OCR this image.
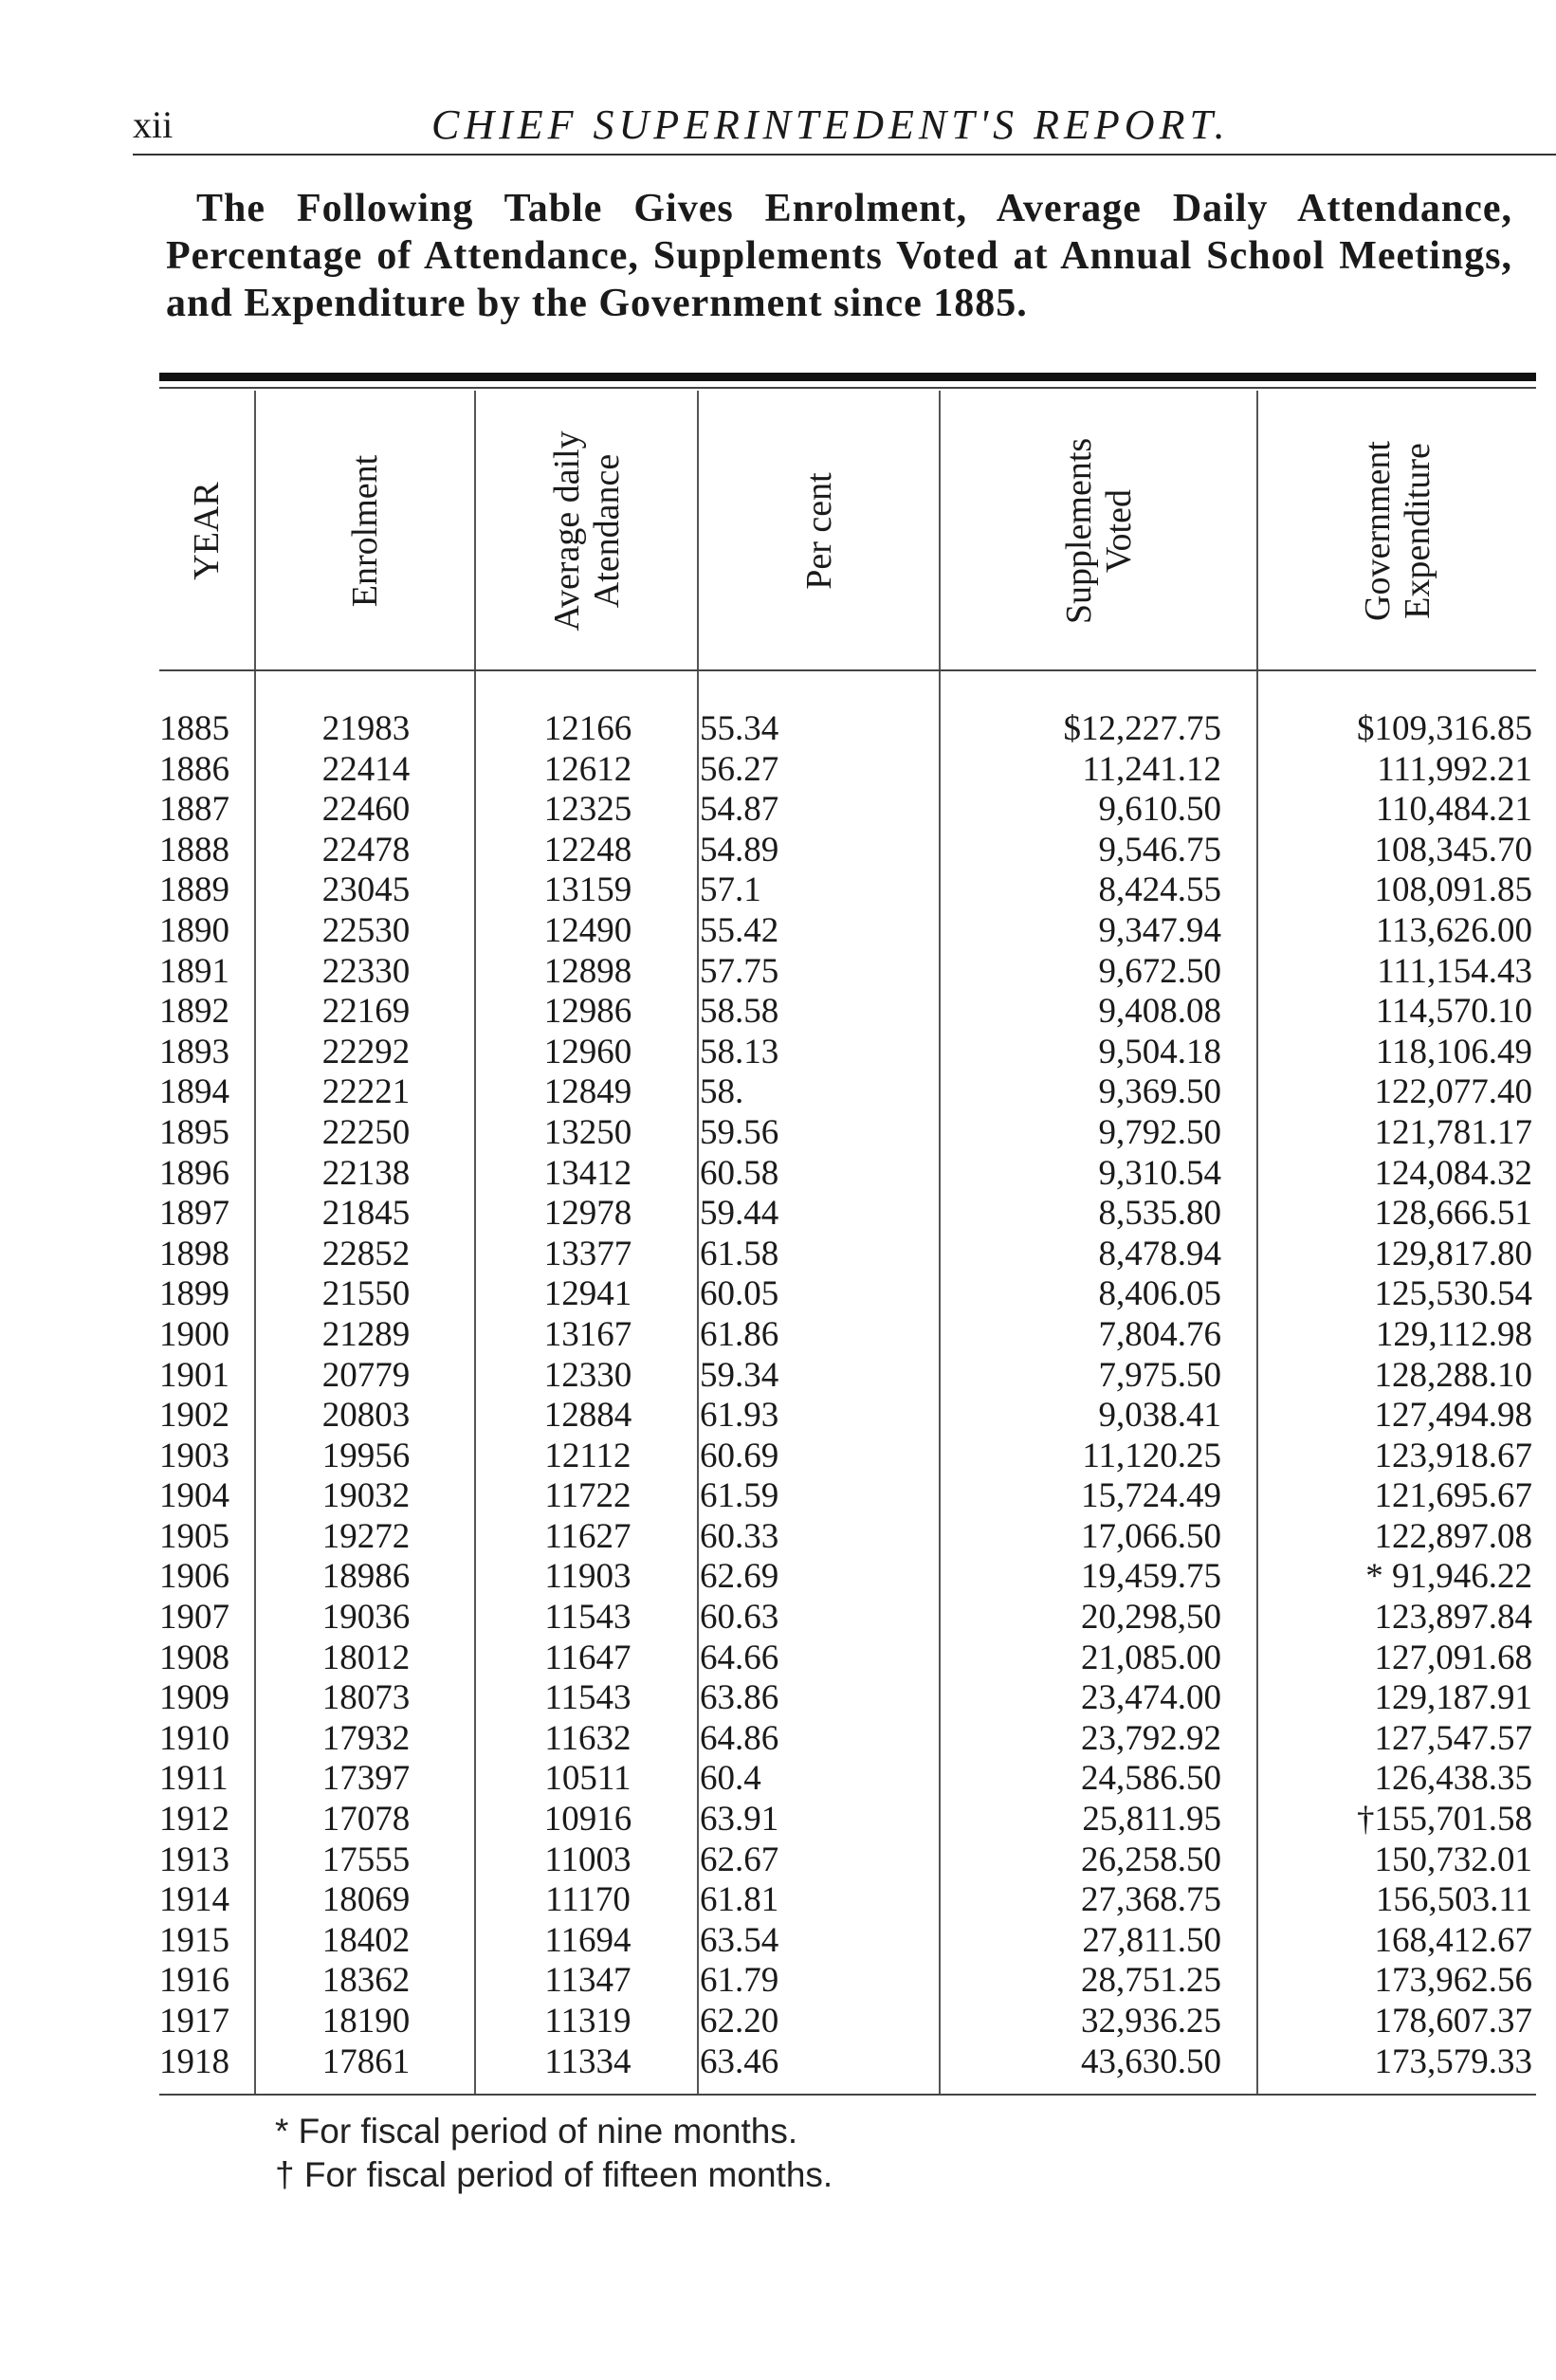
xii	CHIEF SUPERINTEDENT'S REPORT.
The Following Table Gives Enrolment, Average Daily Attendance, Percentage of Attendance, Supplements Voted at Annual School Meetings, and Expenditure by the Government since 1885.
YEAR	Enrolment	Average daily Atendance	Per cent	Supplements Voted	Government Expenditure
1885	21983	12166	55.34	$12,227.75	$109,316.85
1886	22414	12612	56.27	11,241.12	111,992.21
1887	22460	12325	54.87	9,610.50	110,484.21
1888	22478	12248	54.89	9,546.75	108,345.70
1889	23045	13159	57.1	8,424.55	108,091.85
1890	22530	12490	55.42	9,347.94	113,626.00
1891	22330	12898	57.75	9,672.50	111,154.43
1892	22169	12986	58.58	9,408.08	114,570.10
1893	22292	12960	58.13	9,504.18	118,106.49
1894	22221	12849	58.	9,369.50	122,077.40
1895	22250	13250	59.56	9,792.50	121,781.17
1896	22138	13412	60.58	9,310.54	124,084.32
1897	21845	12978	59.44	8,535.80	128,666.51
1898	22852	13377	61.58	8,478.94	129,817.80
1899	21550	12941	60.05	8,406.05	125,530.54
1900	21289	13167	61.86	7,804.76	129,112.98
1901	20779	12330	59.34	7,975.50	128,288.10
1902	20803	12884	61.93	9,038.41	127,494.98
1903	19956	12112	60.69	11,120.25	123,918.67
1904	19032	11722	61.59	15,724.49	121,695.67
1905	19272	11627	60.33	17,066.50	122,897.08
1906	18986	11903	62.69	19,459.75	* 91,946.22
1907	19036	11543	60.63	20,298,50	123,897.84
1908	18012	11647	64.66	21,085.00	127,091.68
1909	18073	11543	63.86	23,474.00	129,187.91
1910	17932	11632	64.86	23,792.92	127,547.57
1911	17397	10511	60.4	24,586.50	126,438.35
1912	17078	10916	63.91	25,811.95	†155,701.58
1913	17555	11003	62.67	26,258.50	150,732.01
1914	18069	11170	61.81	27,368.75	156,503.11
1915	18402	11694	63.54	27,811.50	168,412.67
1916	18362	11347	61.79	28,751.25	173,962.56
1917	18190	11319	62.20	32,936.25	178,607.37
1918	17861	11334	63.46	43,630.50	173,579.33
* For fiscal period of nine months.
† For fiscal period of fifteen months.
